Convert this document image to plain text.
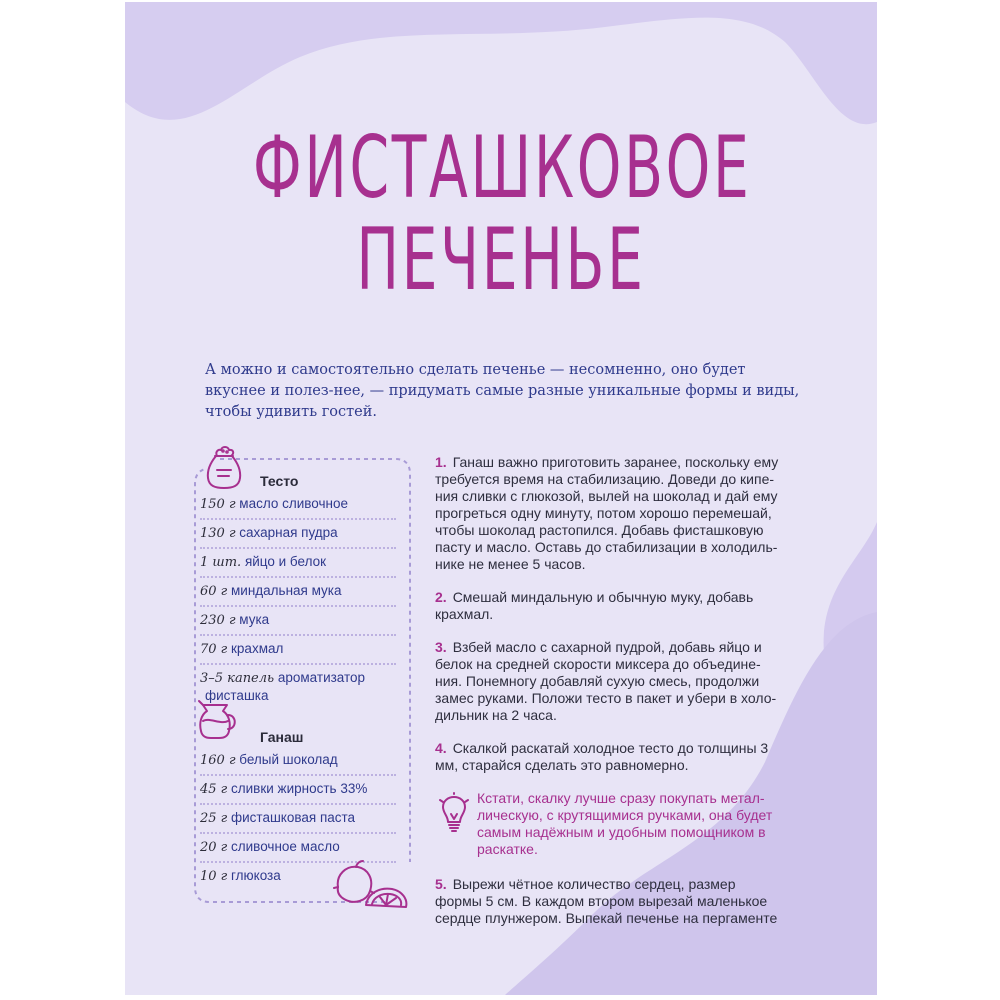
ФИСТАШКОВОЕ
ПЕЧЕНЬЕ

А можно и самостоятельно сделать печенье — несомненно, оно будет вкуснее и полез-нее, — придумать самые разные уникальные формы и виды, чтобы удивить гостей.

Тесто
150 г масло сливочное
130 г сахарная пудра
1 шт. яйцо и белок
60 г миндальная мука
230 г мука
70 г крахмал
3–5 капель ароматизатор
фисташка
Ганаш
160 г белый шоколад
45 г сливки жирность 33%
25 г фисташковая паста
20 г сливочное масло
10 г глюкоза
1. Ганаш важно приготовить заранее, поскольку ему требуется время на стабилизацию. Доведи до кипе-ния сливки с глюкозой, вылей на шоколад и дай ему прогреться одну минуту, потом хорошо перемешай, чтобы шоколад растопился. Добавь фисташковую пасту и масло. Оставь до стабилизации в холодиль-нике не менее 5 часов.
2. Смешай миндальную и обычную муку, добавь крахмал.
3. Взбей масло с сахарной пудрой, добавь яйцо и белок на средней скорости миксера до объедине-ния. Понемногу добавляй сухую смесь, продолжи замес руками. Положи тесто в пакет и убери в холо-дильник на 2 часа.
4. Скалкой раскатай холодное тесто до толщины 3 мм, старайся сделать это равномерно.
Кстати, скалку лучше сразу покупать метал-лическую, с крутящимися ручками, она будет самым надёжным и удобным помощником в раскатке.
5. Вырежи чётное количество сердец, размер формы 5 см. В каждом втором вырезай маленькое сердце плунжером. Выпекай печенье на пергаменте
